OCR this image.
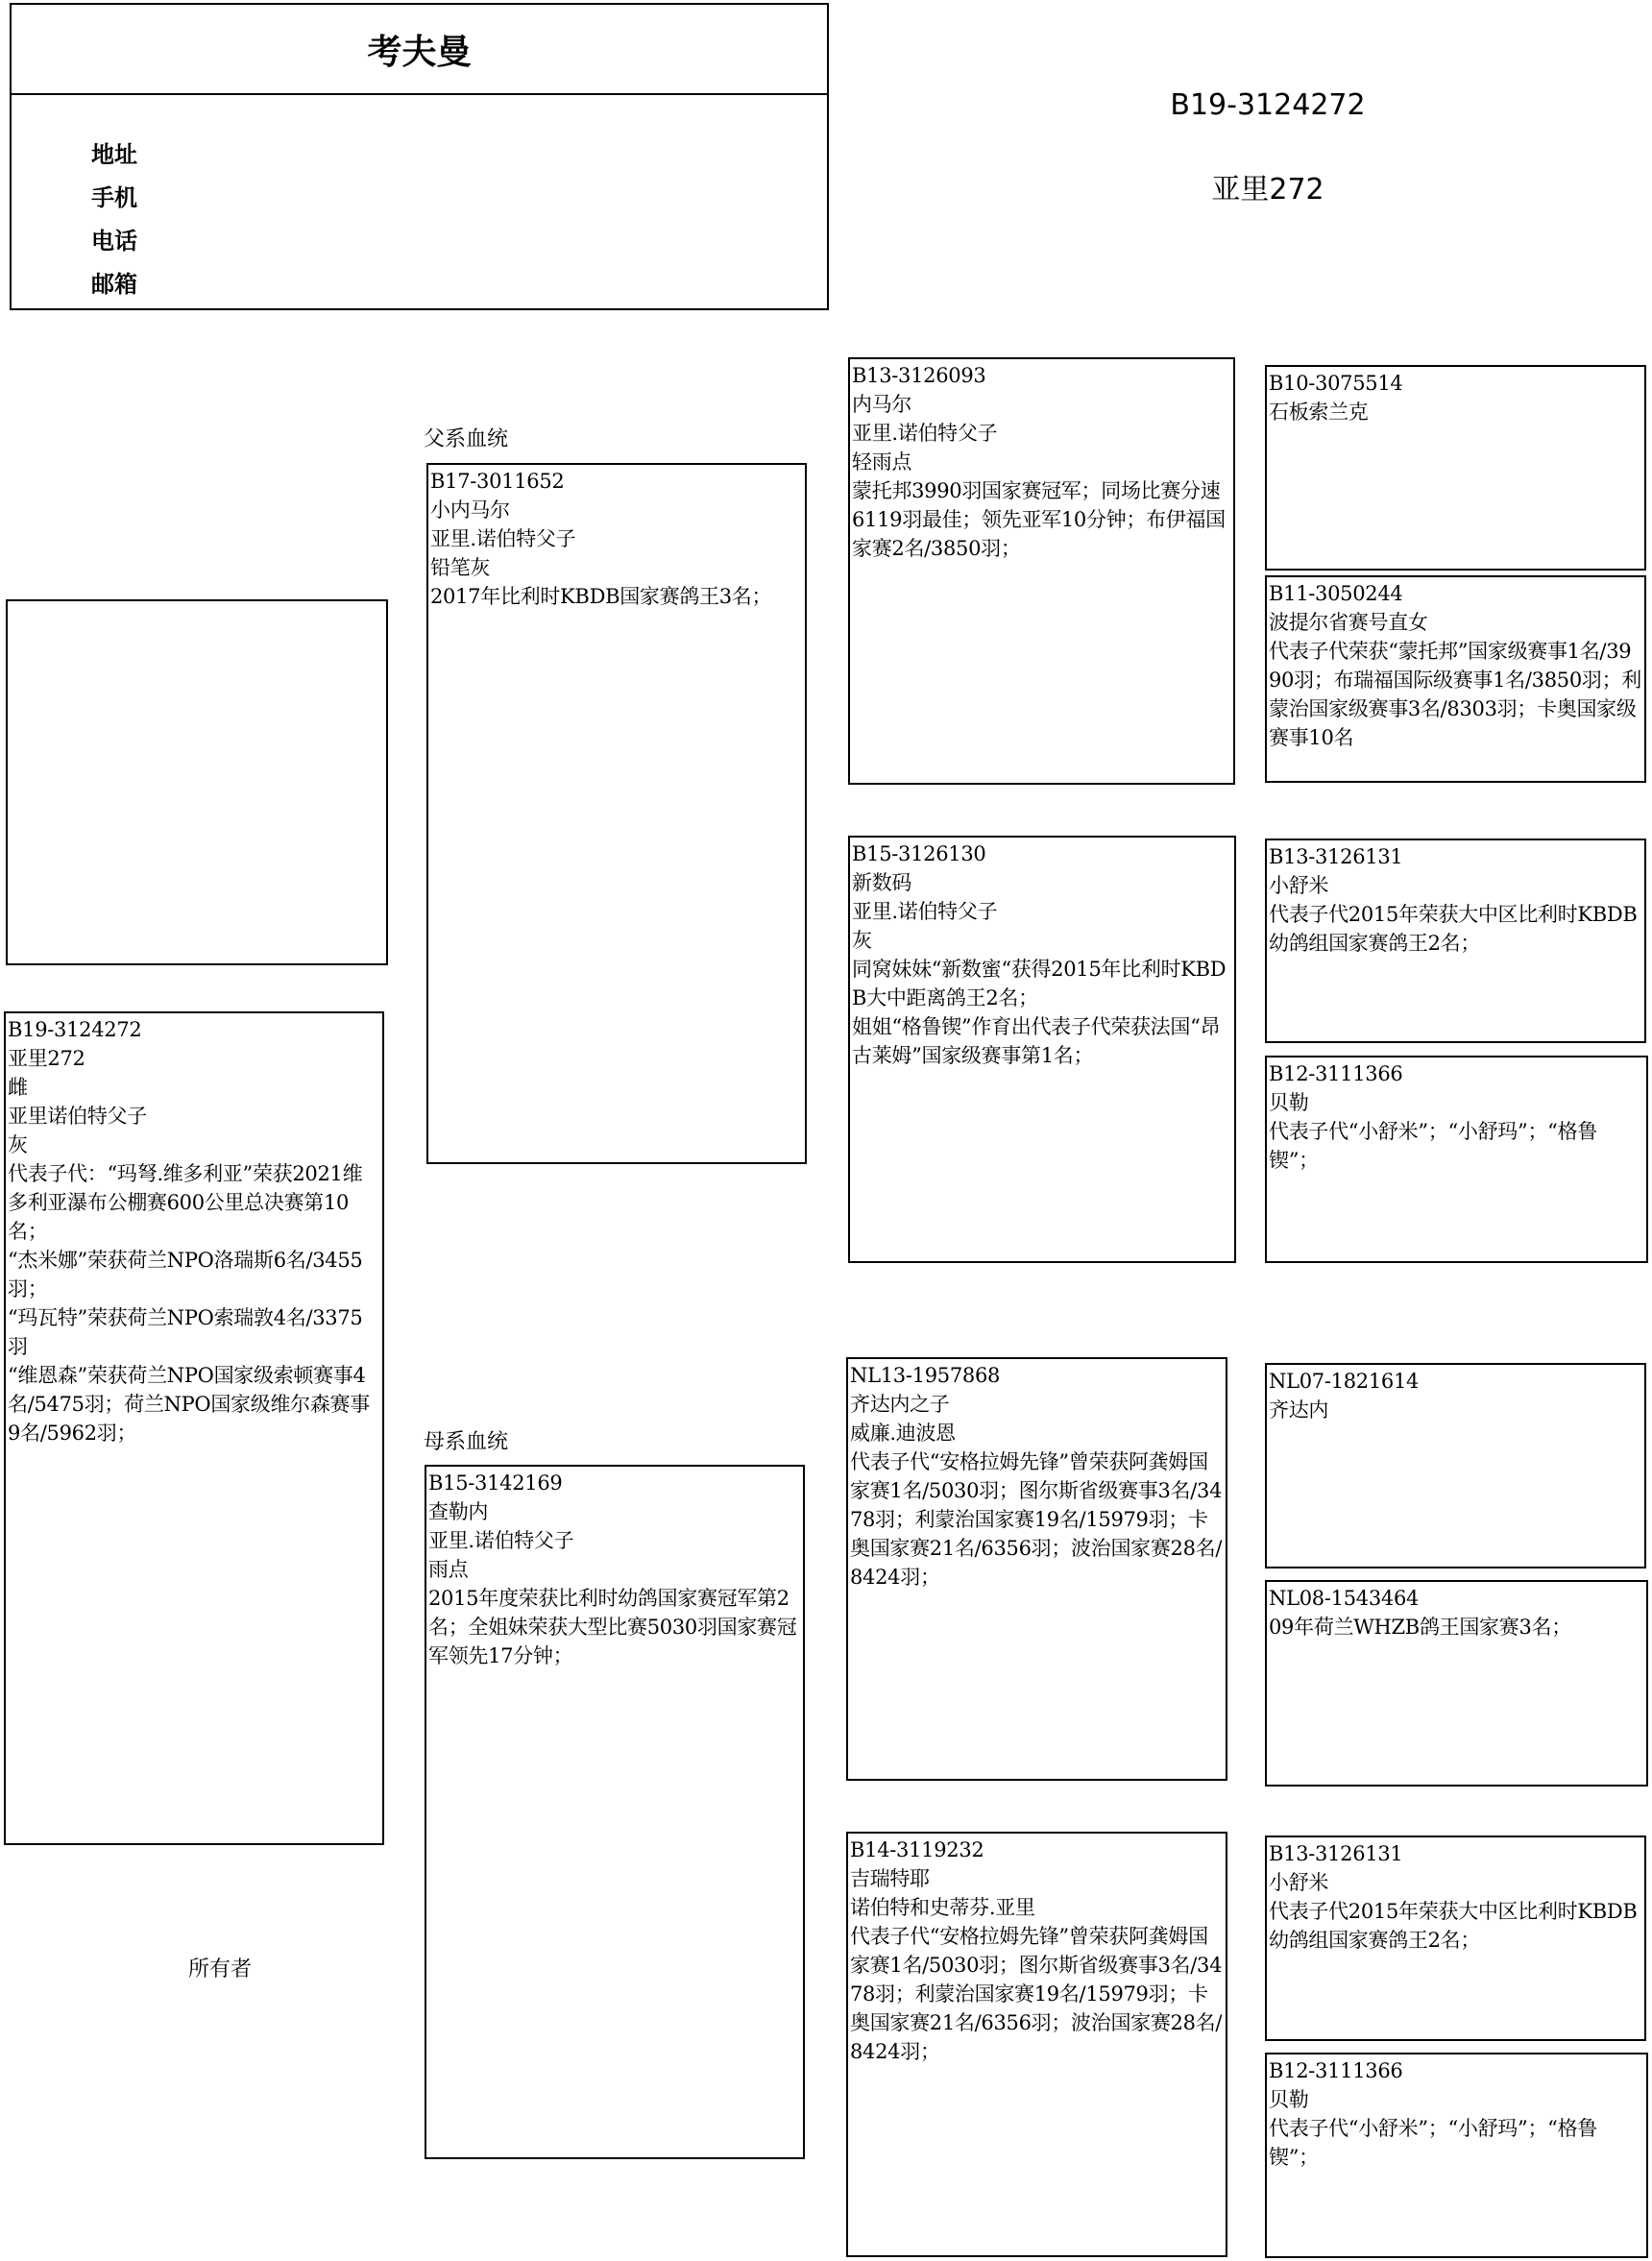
考夫曼
地址
手机
电话
邮箱
B19-3124272
亚里272
B19-3124272
亚里272
雌
亚里诺伯特父子
灰
代表子代：“玛弩.维多利亚”荣获2021维多利亚瀑布公棚赛600公里总决赛第10名；
“杰米娜”荣获荷兰NPO洛瑞斯6名/3455羽；
“玛瓦特”荣获荷兰NPO索瑞敦4名/3375羽
“维恩森”荣获荷兰NPO国家级索顿赛事4名/5475羽；荷兰NPO国家级维尔森赛事9名/5962羽；
所有者
父系血统
母系血统
B17-3011652
小内马尔
亚里.诺伯特父子
铅笔灰
2017年比利时KBDB国家赛鸽王3名；
B15-3142169
查勒内
亚里.诺伯特父子
雨点
2015年度荣获比利时幼鸽国家赛冠军第2名；全姐妹荣获大型比赛5030羽国家赛冠军领先17分钟；
B13-3126093
内马尔
亚里.诺伯特父子
轻雨点
蒙托邦3990羽国家赛冠军；同场比赛分速6119羽最佳；领先亚军10分钟；布伊福国家赛2名/3850羽；
B15-3126130
新数码
亚里.诺伯特父子
灰
同窝妹妹“新数蜜“获得2015年比利时KBDB大中距离鸽王2名；
姐姐“格鲁锲”作育出代表子代荣获法国“昂古莱姆”国家级赛事第1名；
NL13-1957868
齐达内之子
威廉.迪波恩
代表子代“安格拉姆先锋”曾荣获阿龚姆国家赛1名/5030羽；图尔斯省级赛事3名/3478羽；利蒙治国家赛19名/15979羽；卡奥国家赛21名/6356羽；波治国家赛28名/8424羽；
B14-3119232
吉瑞特耶
诺伯特和史蒂芬.亚里
代表子代“安格拉姆先锋”曾荣获阿龚姆国家赛1名/5030羽；图尔斯省级赛事3名/3478羽；利蒙治国家赛19名/15979羽；卡奥国家赛21名/6356羽；波治国家赛28名/8424羽；
B10-3075514
石板索兰克
B11-3050244
波提尔省赛号直女
代表子代荣获“蒙托邦”国家级赛事1名/3990羽；布瑞福国际级赛事1名/3850羽；利蒙治国家级赛事3名/8303羽；卡奥国家级赛事10名
B13-3126131
小舒米
代表子代2015年荣获大中区比利时KBDB幼鸽组国家赛鸽王2名；
B12-3111366
贝勒
代表子代“小舒米”；“小舒玛”；“格鲁锲”；
NL07-1821614
齐达内
NL08-1543464
09年荷兰WHZB鸽王国家赛3名；
B13-3126131
小舒米
代表子代2015年荣获大中区比利时KBDB幼鸽组国家赛鸽王2名；
B12-3111366
贝勒
代表子代“小舒米”；“小舒玛”；“格鲁锲”；
